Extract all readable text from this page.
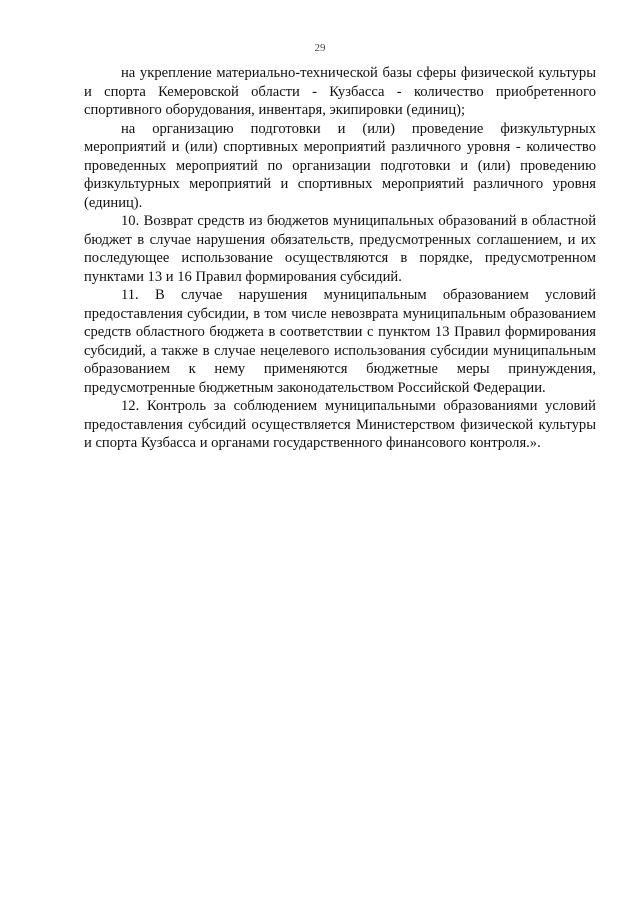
29

на укрепление материально-технической базы сферы физической культуры и спорта Кемеровской области - Кузбасса - количество приобретенного спортивного оборудования, инвентаря, экипировки (единиц);

на организацию подготовки и (или) проведение физкультурных мероприятий и (или) спортивных мероприятий различного уровня - количество проведенных мероприятий по организации подготовки и (или) проведению физкультурных мероприятий и спортивных мероприятий различного уровня (единиц).

10. Возврат средств из бюджетов муниципальных образований в областной бюджет в случае нарушения обязательств, предусмотренных соглашением, и их последующее использование осуществляются в порядке, предусмотренном пунктами 13 и 16 Правил формирования субсидий.

11. В случае нарушения муниципальным образованием условий предоставления субсидии, в том числе невозврата муниципальным образованием средств областного бюджета в соответствии с пунктом 13 Правил формирования субсидий, а также в случае нецелевого использования субсидии муниципальным образованием к нему применяются бюджетные меры принуждения, предусмотренные бюджетным законодательством Российской Федерации.

12. Контроль за соблюдением муниципальными образованиями условий предоставления субсидий осуществляется Министерством физической культуры и спорта Кузбасса и органами государственного финансового контроля.».
